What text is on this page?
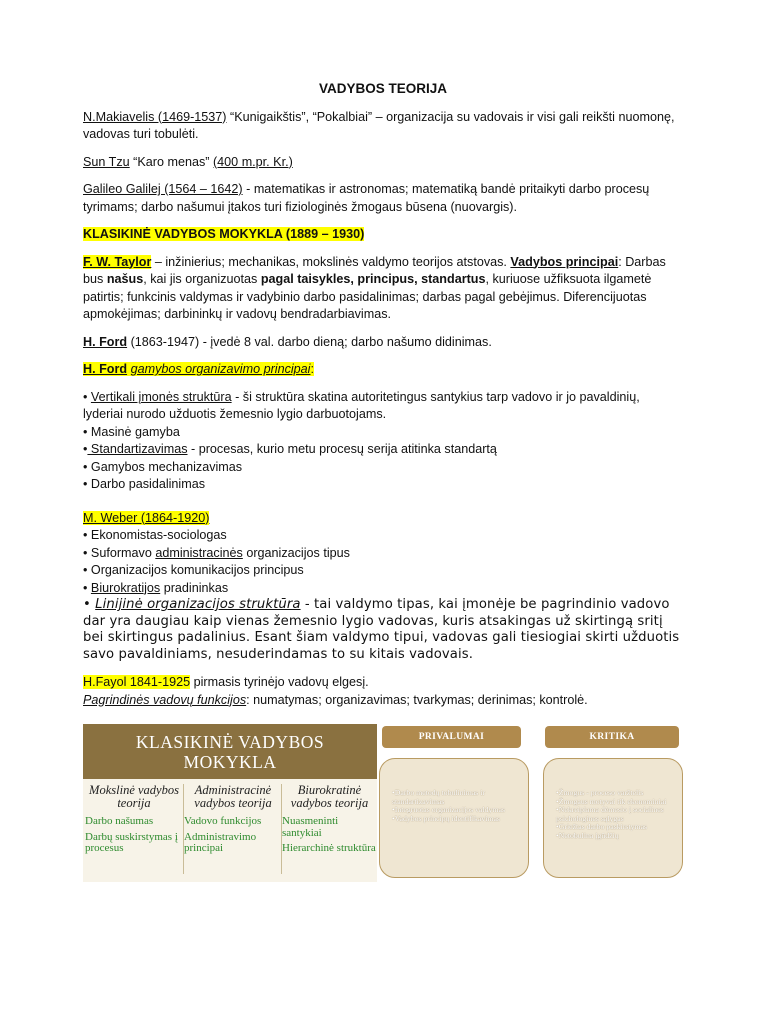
VADYBOS TEORIJA

N.Makiavelis (1469-1537) “Kunigaikštis”, “Pokalbiai” – organizacija su vadovais ir visi gali reikšti nuomonę, vadovas turi tobulėti.

Sun Tzu “Karo menas” (400 m.pr. Kr.)

Galileo Galilej (1564 – 1642) - matematikas ir astronomas; matematiką bandė pritaikyti darbo procesų tyrimams; darbo našumui įtakos turi fiziologinės žmogaus būsena (nuovargis).

KLASIKINĖ VADYBOS MOKYKLA (1889 – 1930)

F. W. Taylor – inžinierius; mechanikas, mokslinės valdymo teorijos atstovas. Vadybos principai: Darbas bus našus, kai jis organizuotas pagal taisykles, principus, standartus, kuriuose užfiksuota ilgametė patirtis; funkcinis valdymas ir vadybinio darbo pasidalinimas; darbas pagal gebėjimus. Diferencijuotas apmokėjimas; darbininkų ir vadovų bendradarbiavimas.

H. Ford (1863-1947) - įvedė 8 val. darbo dieną; darbo našumo didinimas.

H. Ford gamybos organizavimo principai:

• Vertikali įmonės struktūra - ši struktūra skatina autoritetingus santykius tarp vadovo ir jo pavaldinių, lyderiai nurodo užduotis žemesnio lygio darbuotojams.
• Masinė gamyba
• Standartizavimas - procesas, kurio metu procesų serija atitinka standartą
• Gamybos mechanizavimas
• Darbo pasidalinimas
M. Weber (1864-1920)
• Ekonomistas-sociologas
• Suformavo administracinės organizacijos tipus
• Organizacijos komunikacijos principus
• Biurokratijos pradininkas
• Linijinė organizacijos struktūra - tai valdymo tipas, kai įmonėje be pagrindinio vadovo dar yra daugiau kaip vienas žemesnio lygio vadovas, kuris atsakingas už skirtingą sritį bei skirtingus padalinius. Esant šiam valdymo tipui, vadovas gali tiesiogiai skirti užduotis savo pavaldiniams, nesuderindamas to su kitais vadovais.
H.Fayol 1841-1925 pirmasis tyrinėjo vadovų elgesį.
Pagrindinės vadovų funkcijos: numatymas; organizavimas; tvarkymas; derinimas; kontrolė.
KLASIKINĖ VADYBOS
MOKYKLA
Mokslinė vadybos teorija
Darbo našumas
Darbų suskirstymas į procesus
Administracinė vadybos teorija
Vadovo funkcijos
Administravimo principai
Biurokratinė vadybos teorija
Nuasmeninti santykiai
Hierarchinė struktūra
PRIVALUMAI
•Darbo metodų tobulinimas ir standartizavimas
•Integruotas organizacijos valdymas
•Vadybos principų identifikavimas
KRITIKA
•Žmogus - proceso varžtelis
•Žmogaus motyvai tik ekonominiai
•Nekreipiama dėmesio į socialines psichologines sąlygas
•Griežtas darbo paskirstymas
•Netobulina įgūdžių
